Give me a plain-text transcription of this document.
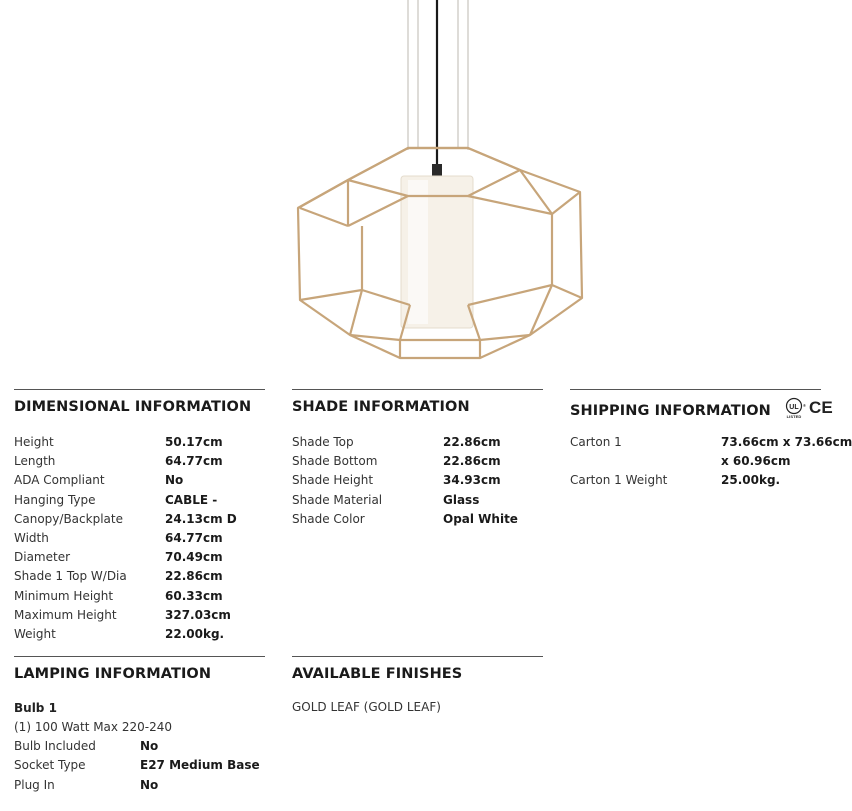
DIMENSIONAL INFORMATION
Height	50.17cm
Length	64.77cm
ADA Compliant	No
Hanging Type	CABLE -
Canopy/Backplate	24.13cm D
Width	64.77cm
Diameter	70.49cm
Shade 1 Top W/Dia	22.86cm
Minimum Height	60.33cm
Maximum Height	327.03cm
Weight	22.00kg.
SHADE INFORMATION
Shade Top	22.86cm
Shade Bottom	22.86cm
Shade Height	34.93cm
Shade Material	Glass
Shade Color	Opal White
SHIPPING INFORMATION	UL
LISTED
® CE
Carton 1	73.66cm x 73.66cm
x 60.96cm
Carton 1 Weight	25.00kg.
LAMPING INFORMATION
Bulb 1
(1) 100 Watt Max 220-240
Bulb Included	No
Socket Type	E27 Medium Base
Plug In	No
AVAILABLE FINISHES
GOLD LEAF (GOLD LEAF)
